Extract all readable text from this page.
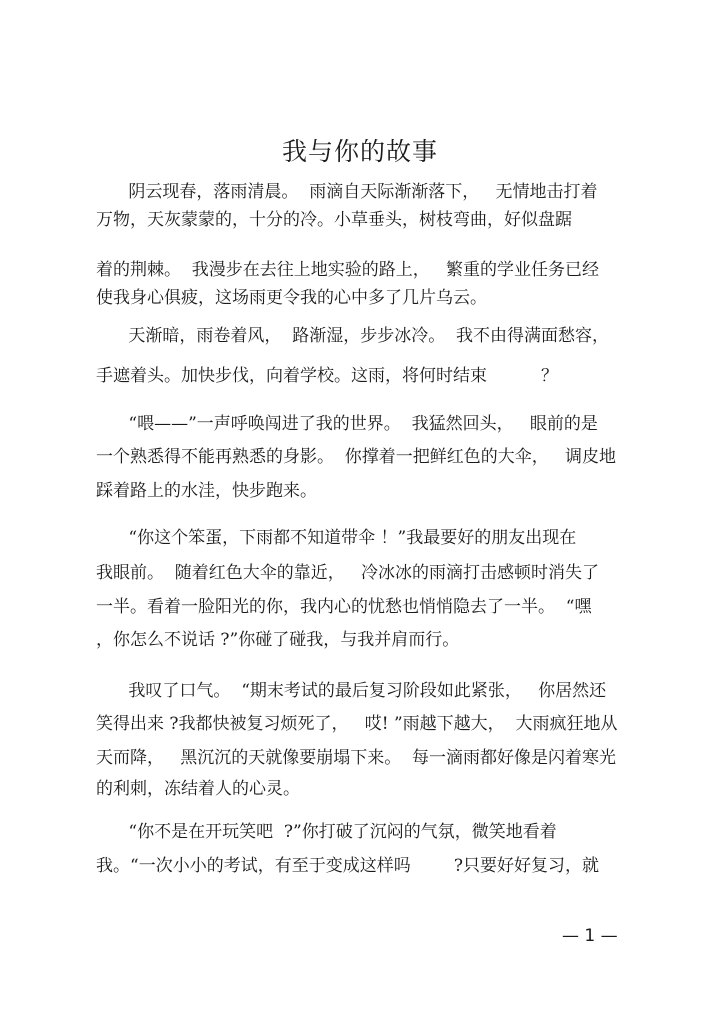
我与你的故事

阴云现春，落雨清晨。  雨滴自天际渐渐落下，   无情地击打着

万物，天灰蒙蒙的，十分的冷。小草垂头，树枝弯曲，好似盘踞

着的荆棘。  我漫步在去往上地实验的路上，   繁重的学业任务已经

使我身心俱疲，这场雨更令我的心中多了几片乌云。

天渐暗，雨卷着风，  路渐湿，步步冰冷。  我不由得满面愁容，

手遮着头。加快步伐，向着学校。这雨，将何时结束          ？

“喂——”一声呼唤闯进了我的世界。  我猛然回头，   眼前的是

一个熟悉得不能再熟悉的身影。  你撑着一把鲜红色的大伞，   调皮地

踩着路上的水洼，快步跑来。

“你这个笨蛋，下雨都不知道带伞 ！”我最要好的朋友出现在

我眼前。  随着红色大伞的靠近，   冷冰冰的雨滴打击感顿时消失了

一半。看着一脸阳光的你，我内心的忧愁也悄悄隐去了一半。  “嘿

，你怎么不说话 ?”你碰了碰我，与我并肩而行。

我叹了口气。  “期末考试的最后复习阶段如此紧张，   你居然还

笑得出来 ?我都快被复习烦死了，   哎! ”雨越下越大，  大雨疯狂地从

天而降，   黑沉沉的天就像要崩塌下来。  每一滴雨都好像是闪着寒光

的利刺，冻结着人的心灵。

“你不是在开玩笑吧  ?”你打破了沉闷的气氛，微笑地看着

我。“一次小小的考试，有至于变成这样吗        ?只要好好复习，就

— 1 —
